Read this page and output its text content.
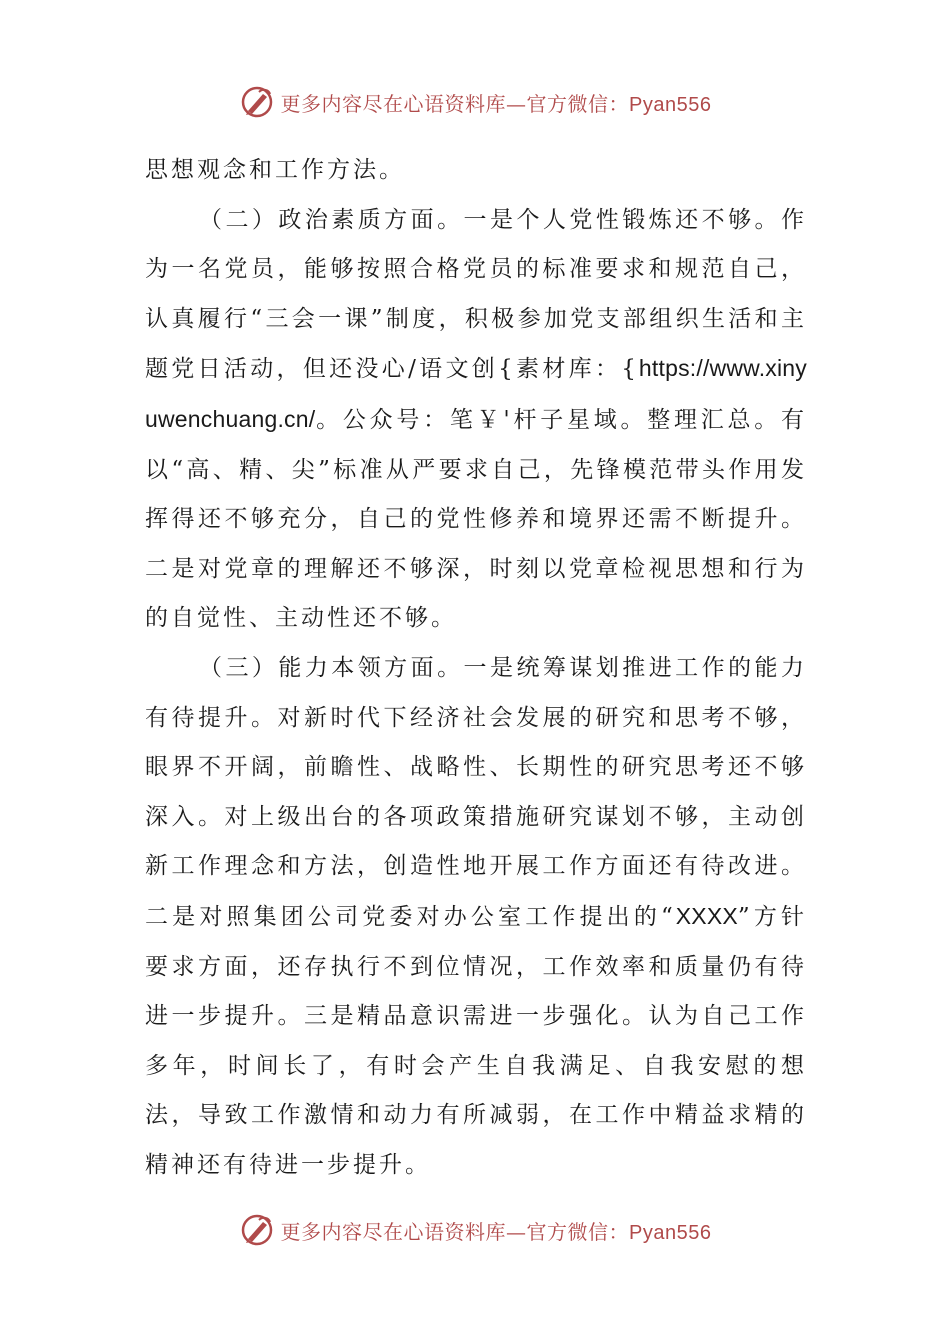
更多内容尽在心语资料库—官方微信：Pyan556

思想观念和工作方法。

（二）政治素质方面。一是个人党性锻炼还不够。作为一名党员，能够按照合格党员的标准要求和规范自己，认真履行“三会一课”制度，积极参加党支部组织生活和主题党日活动，但还没心/语文创{素材库：{https://www.xinyuwenchuang.cn/。公众号：笔￥'杆子星域。整理汇总。有以“高、精、尖”标准从严要求自己，先锋模范带头作用发挥得还不够充分，自己的党性修养和境界还需不断提升。二是对党章的理解还不够深，时刻以党章检视思想和行为的自觉性、主动性还不够。

（三）能力本领方面。一是统筹谋划推进工作的能力有待提升。对新时代下经济社会发展的研究和思考不够，眼界不开阔，前瞻性、战略性、长期性的研究思考还不够深入。对上级出台的各项政策措施研究谋划不够，主动创新工作理念和方法，创造性地开展工作方面还有待改进。二是对照集团公司党委对办公室工作提出的“XXXX”方针要求方面，还存执行不到位情况，工作效率和质量仍有待进一步提升。三是精品意识需进一步强化。认为自己工作多年，时间长了，有时会产生自我满足、自我安慰的想法，导致工作激情和动力有所减弱，在工作中精益求精的精神还有待进一步提升。

更多内容尽在心语资料库—官方微信：Pyan556
